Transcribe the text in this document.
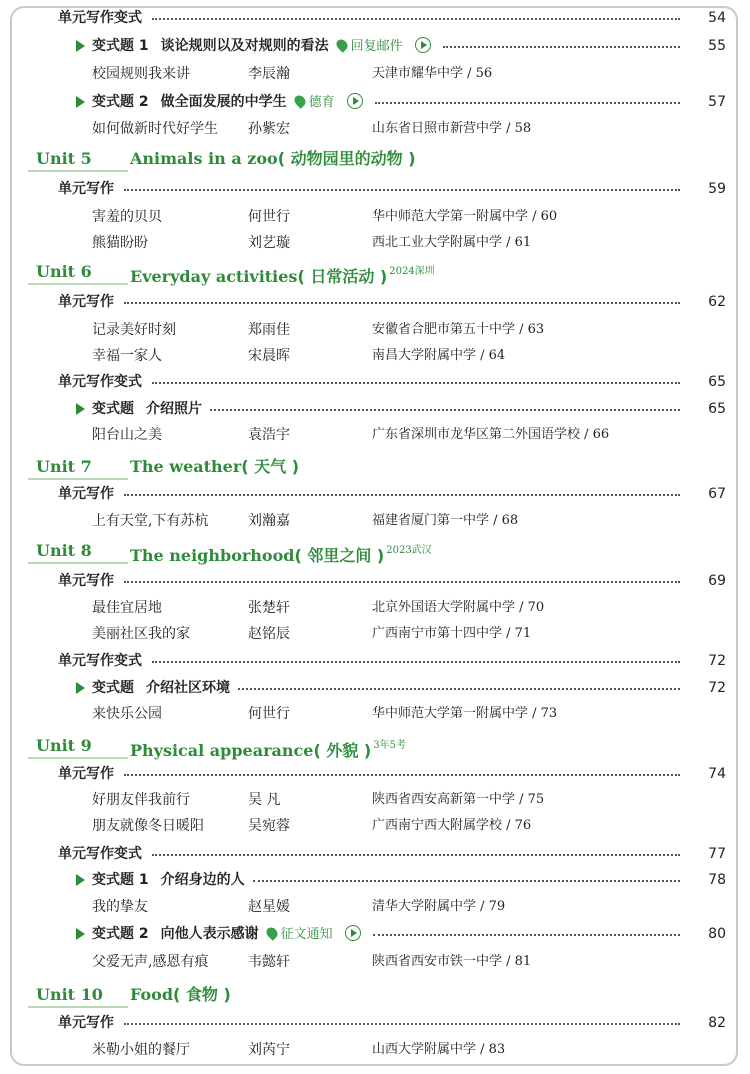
单元写作变式	54
变式题 1 谈论规则以及对规则的看法 回复邮件	55
校园规则我来讲	李辰瀚	天津市耀华中学 / 56
变式题 2 做全面发展的中学生 德育	57
如何做新时代好学生 孙紫宏	山东省日照市新营中学 / 58
Unit 5 Animals in a zoo( 动物园里的动物 )
单元写作	59
害羞的贝贝	何世行	华中师范大学第一附属中学 / 60
熊猫盼盼	刘艺璇	西北工业大学附属中学 / 61
Unit 6 Everyday activities( 日常活动 ) $^{2024深圳}$
单元写作	62
记录美好时刻	郑雨佳	安徽省合肥市第五十中学 / 63
幸福一家人	宋晨晖	南昌大学附属中学 / 64
单元写作变式	65
变式题 介绍照片	65
阳台山之美	袁浩宇	广东省深圳市龙华区第二外国语学校 / 66
Unit 7 The weather( 天气 )
单元写作	67
上有天堂,下有苏杭	刘瀚嘉	福建省厦门第一中学 / 68
Unit 8 The neighborhood( 邻里之间 ) $^{2023武汉}$
单元写作	69
最佳宜居地	张楚轩	北京外国语大学附属中学 / 70
美丽社区我的家	赵铭辰	广西南宁市第十四中学 / 71
单元写作变式	72
变式题 介绍社区环境	72
来快乐公园	何世行	华中师范大学第一附属中学 / 73
Unit 9 Physical appearance( 外貌 ) $^{3年5考}$
单元写作	74
好朋友伴我前行	吴 凡	陕西省西安高新第一中学 / 75
朋友就像冬日暖阳	吴宛蓉	广西南宁西大附属学校 / 76
单元写作变式	77
变式题 1 介绍身边的人	78
我的挚友	赵星媛	清华大学附属中学 / 79
变式题 2 向他人表示感谢 征文通知	80
父爱无声,感恩有痕	韦懿轩	陕西省西安市铁一中学 / 81
Unit 10 Food( 食物 )
单元写作	82
米勒小姐的餐厅	刘芮宁	山西大学附属中学 / 83
